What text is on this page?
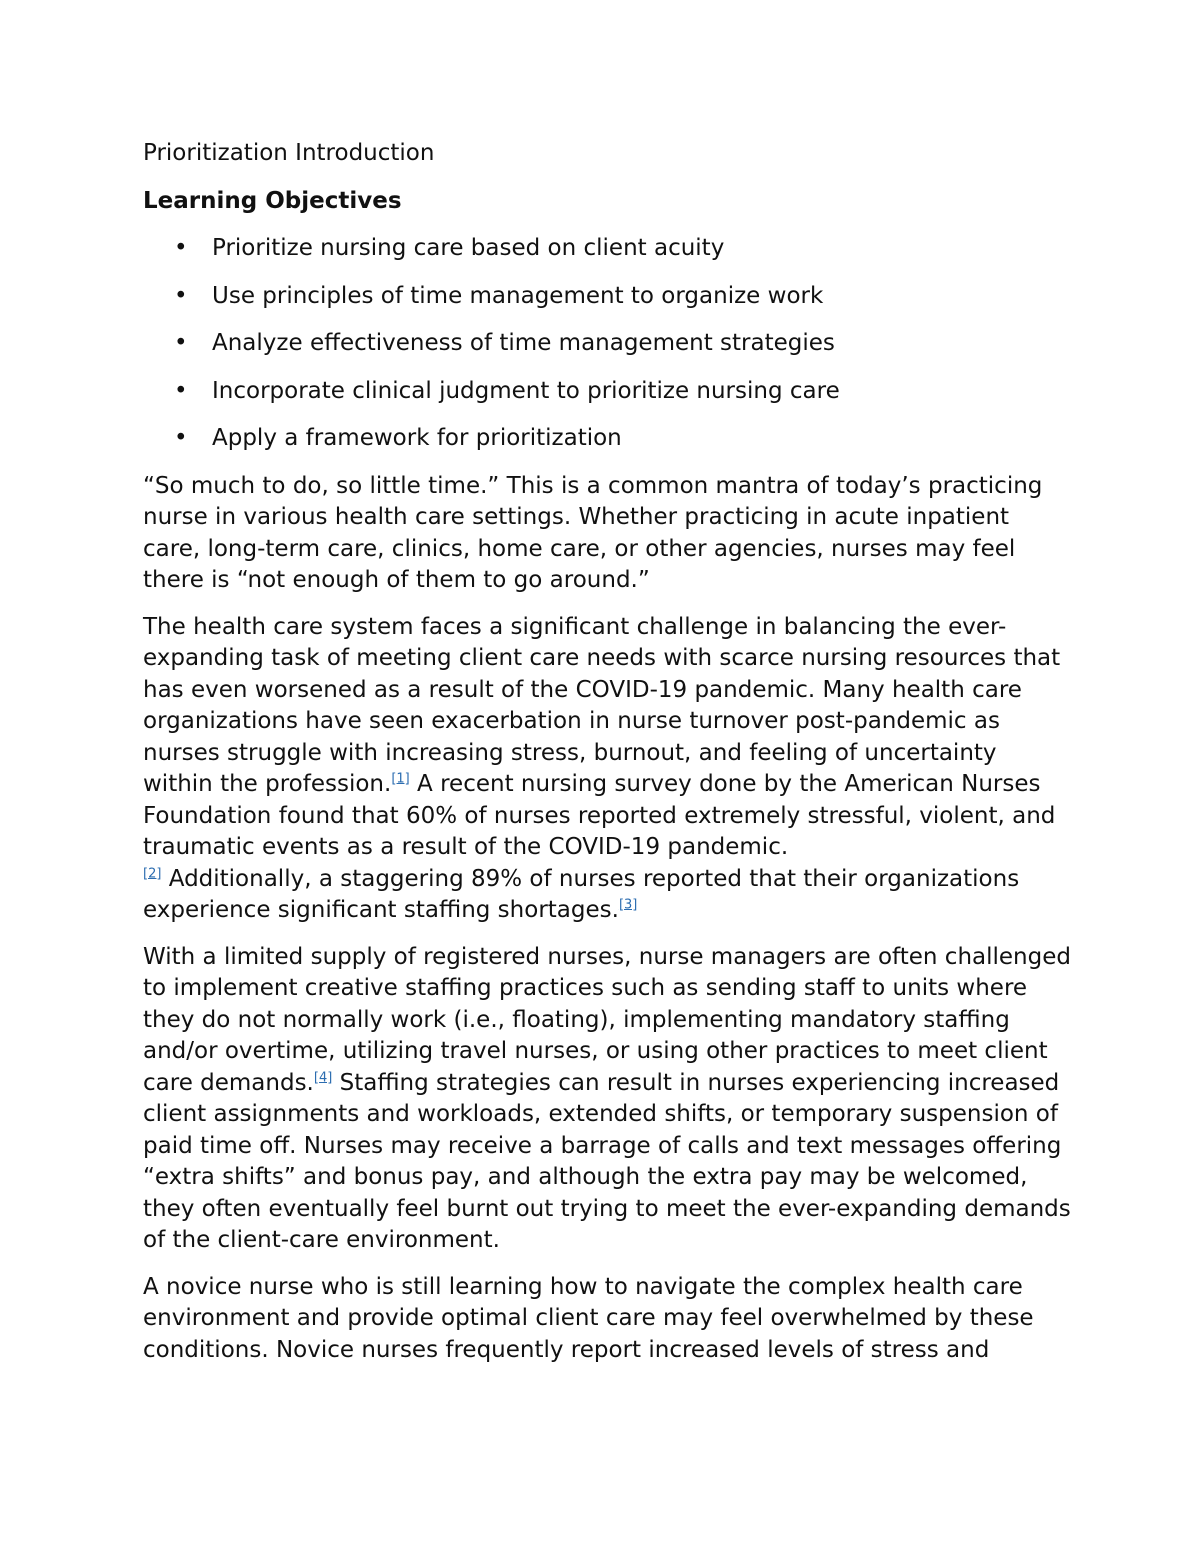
Prioritization Introduction
Learning Objectives
• Prioritize nursing care based on client acuity
• Use principles of time management to organize work
• Analyze effectiveness of time management strategies
• Incorporate clinical judgment to prioritize nursing care
• Apply a framework for prioritization

“So much to do, so little time.” This is a common mantra of today’s practicing nurse in various health care settings. Whether practicing in acute inpatient care, long-term care, clinics, home care, or other agencies, nurses may feel there is “not enough of them to go around.”

The health care system faces a significant challenge in balancing the ever-expanding task of meeting client care needs with scarce nursing resources that has even worsened as a result of the COVID-19 pandemic. Many health care organizations have seen exacerbation in nurse turnover post-pandemic as nurses struggle with increasing stress, burnout, and feeling of uncertainty within the profession.[1] A recent nursing survey done by the American Nurses Foundation found that 60% of nurses reported extremely stressful, violent, and traumatic events as a result of the COVID-19 pandemic.
[2] Additionally, a staggering 89% of nurses reported that their organizations experience significant staffing shortages.[3]

With a limited supply of registered nurses, nurse managers are often challenged to implement creative staffing practices such as sending staff to units where they do not normally work (i.e., floating), implementing mandatory staffing and/or overtime, utilizing travel nurses, or using other practices to meet client care demands.[4] Staffing strategies can result in nurses experiencing increased client assignments and workloads, extended shifts, or temporary suspension of paid time off. Nurses may receive a barrage of calls and text messages offering “extra shifts” and bonus pay, and although the extra pay may be welcomed, they often eventually feel burnt out trying to meet the ever-expanding demands of the client-care environment.

A novice nurse who is still learning how to navigate the complex health care environment and provide optimal client care may feel overwhelmed by these conditions. Novice nurses frequently report increased levels of stress and
